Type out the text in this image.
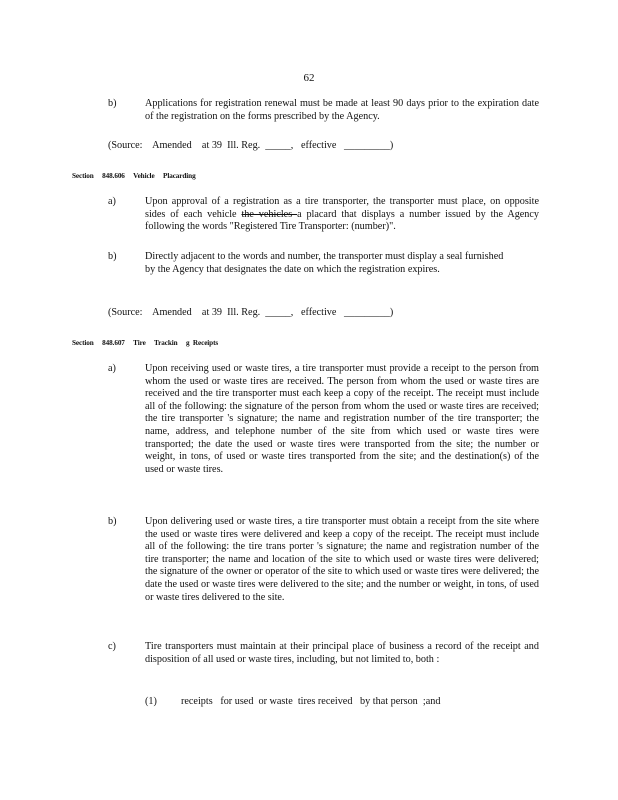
62
b)	Applications for registration renewal must be made at least 90 days prior to the expiration date of the registration on the forms prescribed by the Agency.
(Source:    Amended    at 39  Ill. Reg.  _____,   effective   _________)
Section     848.606     Vehicle     Placarding
a)	Upon approval of a registration as a tire transporter, the transporter must place, on opposite sides of each vehicle the vehicles a placard that displays a number issued by the Agency following the words "Registered Tire Transporter: (number)".
b)	Directly adjacent to the words and number, the transporter must display a seal furnished by the Agency that designates the date on which the registration expires.
(Source:    Amended    at 39  Ill. Reg.  _____,   effective   _________)
Section     848.607     Tire     Trackin     g  Receipts
a)	Upon receiving used or waste tires, a tire transporter must provide a receipt to the person from whom the used or waste tires are received. The person from whom the used or waste tires are received and the tire transporter must each keep a copy of the receipt. The receipt must include all of the following: the signature of the person from whom the used or waste tires are received; the tire transporter 's signature; the name and registration number of the tire transporter; the name, address, and telephone number of the site from which used or waste tires were transported; the date the used or waste tires were transported from the site; the number or weight, in tons, of used or waste tires transported from the site; and the destination(s) of the used or waste tires.
b)	Upon delivering used or waste tires, a tire transporter must obtain a receipt from the site where the used or waste tires were delivered and keep a copy of the receipt. The receipt must include all of the following: the tire trans porter 's signature; the name and registration number of the tire transporter; the name and location of the site to which used or waste tires were delivered; the signature of the owner or operator of the site to which used or waste tires were delivered; the date the used or waste tires were delivered to the site; and the number or weight, in tons, of used or waste tires delivered to the site.
c)	Tire transporters must maintain at their principal place of business a record of the receipt and disposition of all used or waste tires, including, but not limited to, both :
(1) receipts   for used  or waste  tires received   by that person  ;and
